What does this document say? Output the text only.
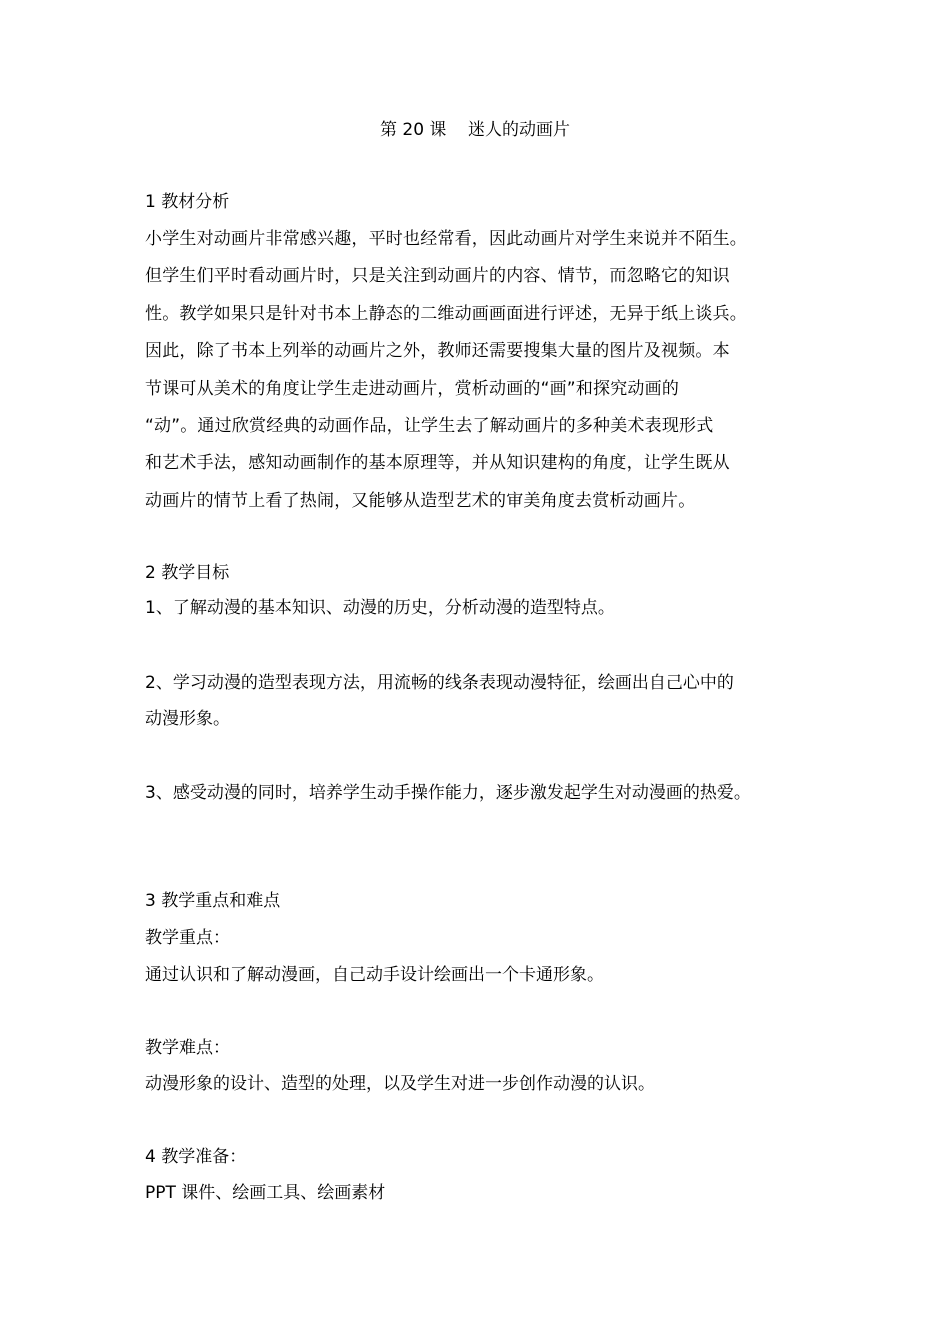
第 20 课    迷人的动画片
1 教材分析
小学生对动画片非常感兴趣，平时也经常看，因此动画片对学生来说并不陌生。
但学生们平时看动画片时，只是关注到动画片的内容、情节，而忽略它的知识
性。教学如果只是针对书本上静态的二维动画画面进行评述，无异于纸上谈兵。
因此，除了书本上列举的动画片之外，教师还需要搜集大量的图片及视频。本
节课可从美术的角度让学生走进动画片，赏析动画的“画”和探究动画的
“动”。通过欣赏经典的动画作品，让学生去了解动画片的多种美术表现形式
和艺术手法，感知动画制作的基本原理等，并从知识建构的角度，让学生既从
动画片的情节上看了热闹，又能够从造型艺术的审美角度去赏析动画片。
2 教学目标
1、了解动漫的基本知识、动漫的历史，分析动漫的造型特点。
2、学习动漫的造型表现方法，用流畅的线条表现动漫特征，绘画出自己心中的
动漫形象。
3、感受动漫的同时，培养学生动手操作能力，逐步激发起学生对动漫画的热爱。
3 教学重点和难点
教学重点：
通过认识和了解动漫画，自己动手设计绘画出一个卡通形象。
教学难点：
动漫形象的设计、造型的处理，以及学生对进一步创作动漫的认识。
4 教学准备：
PPT 课件、绘画工具、绘画素材
